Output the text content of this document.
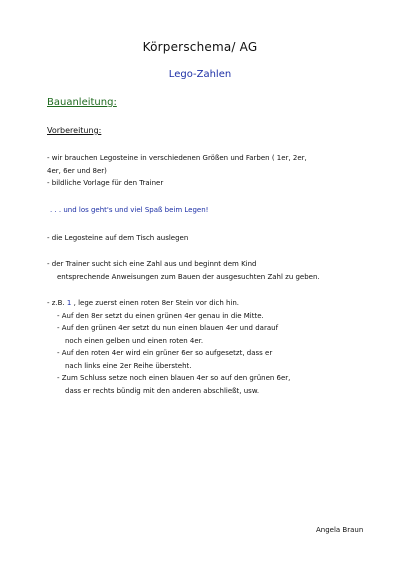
Körperschema/ AG
Lego-Zahlen
Bauanleitung:
Vorbereitung:
- wir brauchen Legosteine in verschiedenen Größen und Farben ( 1er, 2er,
4er, 6er und 8er)
- bildliche Vorlage für den Trainer
. . . und los geht's und viel Spaß beim Legen!
- die Legosteine auf dem Tisch auslegen
- der Trainer sucht sich eine Zahl aus und beginnt dem Kind
entsprechende Anweisungen zum Bauen der ausgesuchten Zahl zu geben.
- z.B. 1 , lege zuerst einen roten 8er Stein vor dich hin.
- Auf den 8er setzt du einen grünen 4er genau in die Mitte.
- Auf den grünen 4er setzt du nun einen blauen 4er und darauf
noch einen gelben und einen roten 4er.
- Auf den roten 4er wird ein grüner 6er so aufgesetzt, dass er
nach links eine 2er Reihe übersteht.
- Zum Schluss setze noch einen blauen 4er so auf den grünen 6er,
dass er rechts bündig mit den anderen abschließt, usw.
Angela Braun
